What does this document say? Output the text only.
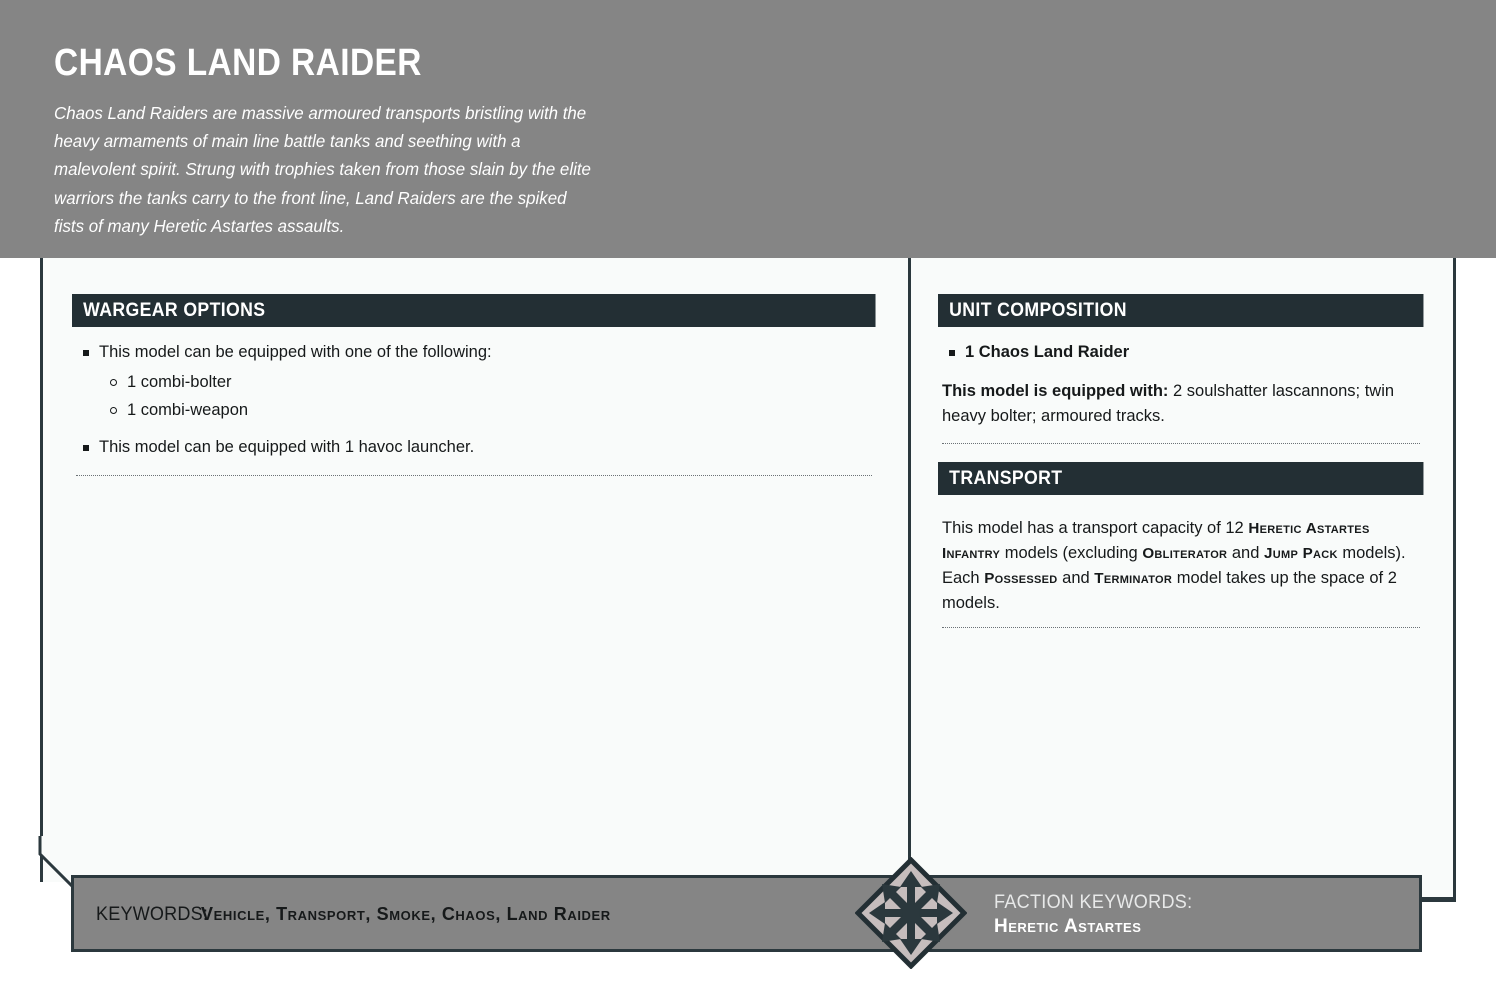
CHAOS LAND RAIDER
Chaos Land Raiders are massive armoured transports bristling with the heavy armaments of main line battle tanks and seething with a malevolent spirit. Strung with trophies taken from those slain by the elite warriors the tanks carry to the front line, Land Raiders are the spiked fists of many Heretic Astartes assaults.
WARGEAR OPTIONS
This model can be equipped with one of the following:
1 combi-bolter
1 combi-weapon
This model can be equipped with 1 havoc launcher.
UNIT COMPOSITION
1 Chaos Land Raider
This model is equipped with: 2 soulshatter lascannons; twin heavy bolter; armoured tracks.
TRANSPORT
This model has a transport capacity of 12 Heretic Astartes Infantry models (excluding Obliterator and Jump Pack models). Each Possessed and Terminator model takes up the space of 2 models.
KEYWORDS:
Vehicle, Transport, Smoke, Chaos, Land Raider
FACTION KEYWORDS:
Heretic Astartes
